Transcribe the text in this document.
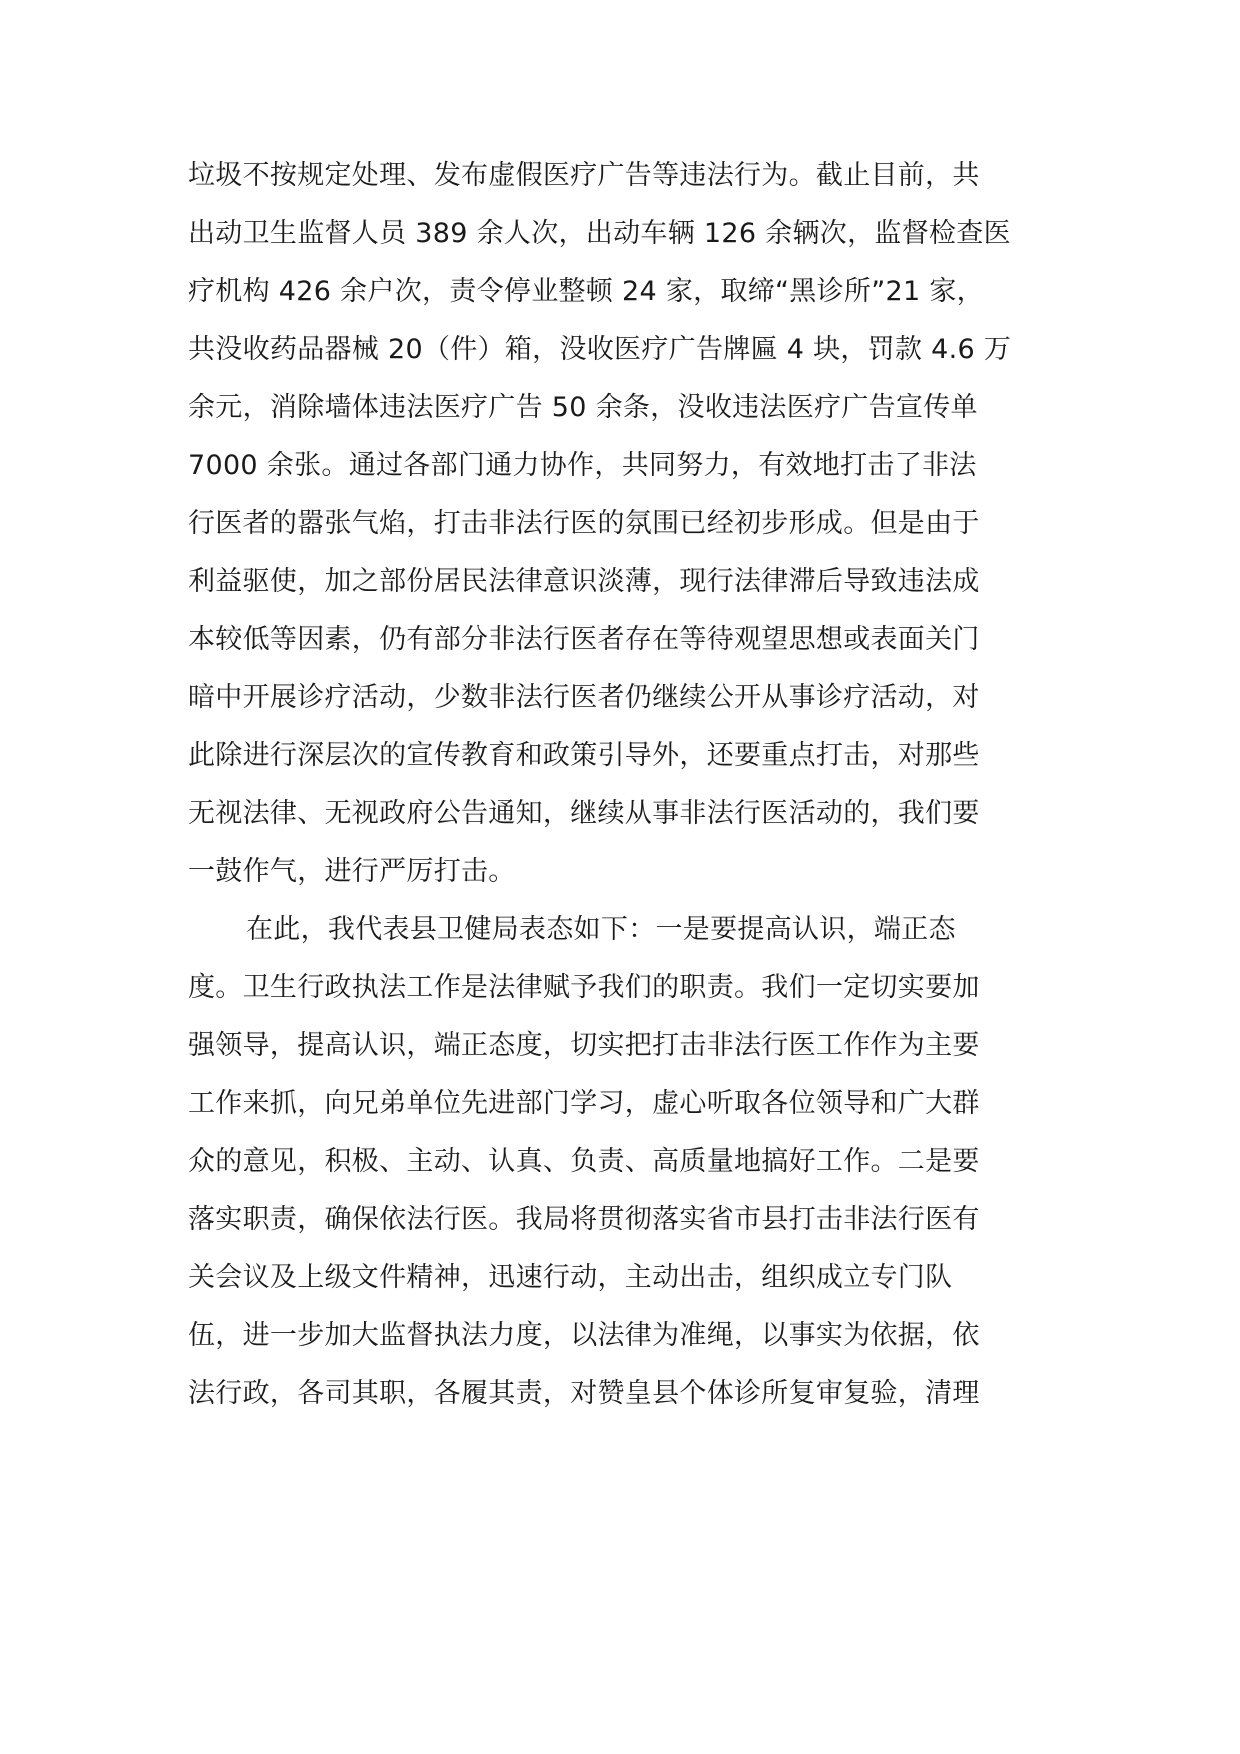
垃圾不按规定处理、发布虚假医疗广告等违法行为。截止目前，共
出动卫生监督人员 389 余人次，出动车辆 126 余辆次，监督检查医
疗机构 426 余户次，责令停业整顿 24 家，取缔“黑诊所”21 家，
共没收药品器械 20（件）箱，没收医疗广告牌匾 4 块，罚款 4.6 万
余元，消除墙体违法医疗广告 50 余条，没收违法医疗广告宣传单
7000 余张。通过各部门通力协作，共同努力，有效地打击了非法
行医者的嚣张气焰，打击非法行医的氛围已经初步形成。但是由于
利益驱使，加之部份居民法律意识淡薄，现行法律滞后导致违法成
本较低等因素，仍有部分非法行医者存在等待观望思想或表面关门
暗中开展诊疗活动，少数非法行医者仍继续公开从事诊疗活动，对
此除进行深层次的宣传教育和政策引导外，还要重点打击，对那些
无视法律、无视政府公告通知，继续从事非法行医活动的，我们要
一鼓作气，进行严厉打击。
在此，我代表县卫健局表态如下：一是要提高认识，端正态
度。卫生行政执法工作是法律赋予我们的职责。我们一定切实要加
强领导，提高认识，端正态度，切实把打击非法行医工作作为主要
工作来抓，向兄弟单位先进部门学习，虚心听取各位领导和广大群
众的意见，积极、主动、认真、负责、高质量地搞好工作。二是要
落实职责，确保依法行医。我局将贯彻落实省市县打击非法行医有
关会议及上级文件精神，迅速行动，主动出击，组织成立专门队
伍，进一步加大监督执法力度，以法律为准绳，以事实为依据，依
法行政，各司其职，各履其责，对赞皇县个体诊所复审复验，清理
